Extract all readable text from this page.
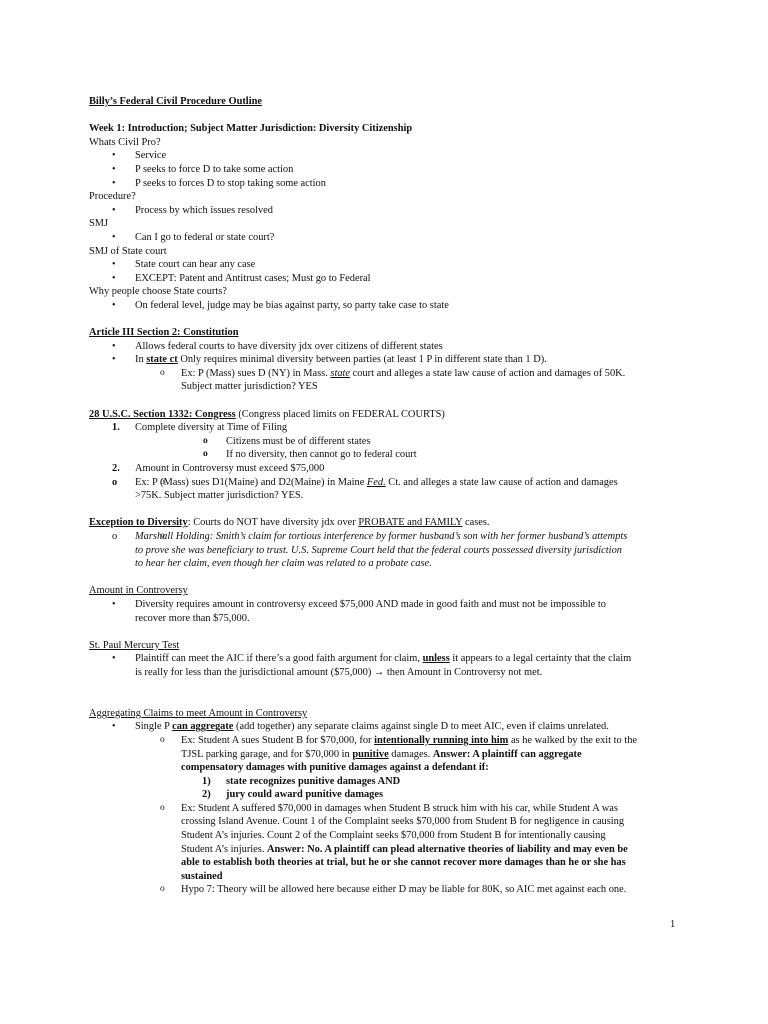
Billy’s Federal Civil Procedure Outline
Week 1: Introduction; Subject Matter Jurisdiction: Diversity Citizenship
Whats Civil Pro?
• Service
• P seeks to force D to take some action
• P seeks to forces D to stop taking some action
Procedure?
• Process by which issues resolved
SMJ
• Can I go to federal or state court?
SMJ of State court
• State court can hear any case
• EXCEPT: Patent and Antitrust cases; Must go to Federal
Why people choose State courts?
• On federal level, judge may be bias against party, so party take case to state
Article III Section 2: Constitution
• Allows federal courts to have diversity jdx over citizens of different states
• In state ct Only requires minimal diversity between parties (at least 1 P in different state than 1 D).
o Ex: P (Mass) sues D (NY) in Mass. state court and alleges a state law cause of action and damages of 50K.
Subject matter jurisdiction? YES
28 U.S.C. Section 1332: Congress (Congress placed limits on FEDERAL COURTS)
1. Complete diversity at Time of Filing
o Citizens must be of different states
o If no diversity, then cannot go to federal court
2. Amount in Controversy must exceed $75,000
o o Ex: P (Mass) sues D1(Maine) and D2(Maine) in Maine Fed. Ct. and alleges a state law cause of action and damages
>75K. Subject matter jurisdiction? YES.
Exception to Diversity: Courts do NOT have diversity jdx over PROBATE and FAMILY cases.
o o Marshall Holding: Smith’s claim for tortious interference by former husband’s son with her former husband’s attempts
to prove she was beneficiary to trust. U.S. Supreme Court held that the federal courts possessed diversity jurisdiction
to hear her claim, even though her claim was related to a probate case.
Amount in Controversy
• Diversity requires amount in controversy exceed $75,000 AND made in good faith and must not be impossible to
recover more than $75,000.
St. Paul Mercury Test
• Plaintiff can meet the AIC if there’s a good faith argument for claim, unless it appears to a legal certainty that the claim
is really for less than the jurisdictional amount ($75,000) → then Amount in Controversy not met.
Aggregating Claims to meet Amount in Controversy
• Single P can aggregate (add together) any separate claims against single D to meet AIC, even if claims unrelated.
o Ex: Student A sues Student B for $70,000, for intentionally running into him as he walked by the exit to the
TJSL parking garage, and for $70,000 in punitive damages. Answer: A plaintiff can aggregate
compensatory damages with punitive damages against a defendant if:
1) state recognizes punitive damages AND
2) jury could award punitive damages
o Ex: Student A suffered $70,000 in damages when Student B struck him with his car, while Student A was
crossing Island Avenue. Count 1 of the Complaint seeks $70,000 from Student B for negligence in causing
Student A’s injuries. Count 2 of the Complaint seeks $70,000 from Student B for intentionally causing
Student A’s injuries. Answer: No. A plaintiff can plead alternative theories of liability and may even be
able to establish both theories at trial, but he or she cannot recover more damages than he or she has
sustained
o Hypo 7: Theory will be allowed here because either D may be liable for 80K, so AIC met against each one.
1
